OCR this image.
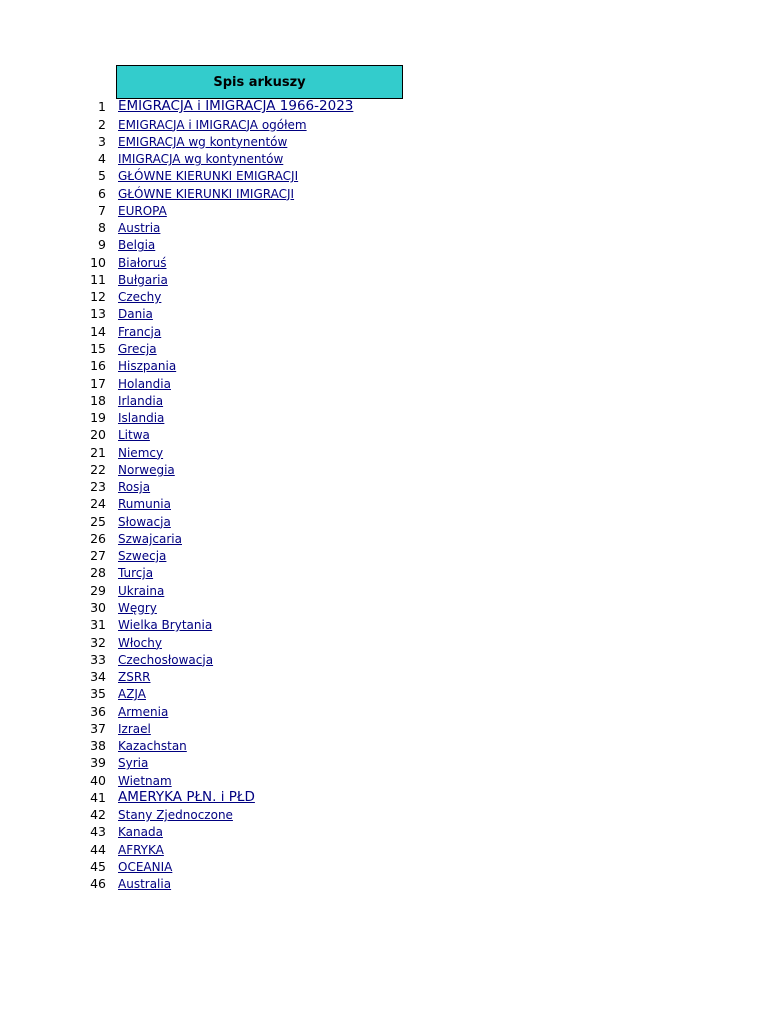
Spis arkuszy
1 EMIGRACJA i IMIGRACJA 1966-2023
2 EMIGRACJA i IMIGRACJA ogółem
3 EMIGRACJA wg kontynentów
4 IMIGRACJA wg kontynentów
5 GŁÓWNE KIERUNKI EMIGRACJI
6 GŁÓWNE KIERUNKI IMIGRACJI
7 EUROPA
8 Austria
9 Belgia
10 Białoruś
11 Bułgaria
12 Czechy
13 Dania
14 Francja
15 Grecja
16 Hiszpania
17 Holandia
18 Irlandia
19 Islandia
20 Litwa
21 Niemcy
22 Norwegia
23 Rosja
24 Rumunia
25 Słowacja
26 Szwajcaria
27 Szwecja
28 Turcja
29 Ukraina
30 Węgry
31 Wielka Brytania
32 Włochy
33 Czechosłowacja
34 ZSRR
35 AZJA
36 Armenia
37 Izrael
38 Kazachstan
39 Syria
40 Wietnam
41 AMERYKA PŁN. i PŁD
42 Stany Zjednoczone
43 Kanada
44 AFRYKA
45 OCEANIA
46 Australia
